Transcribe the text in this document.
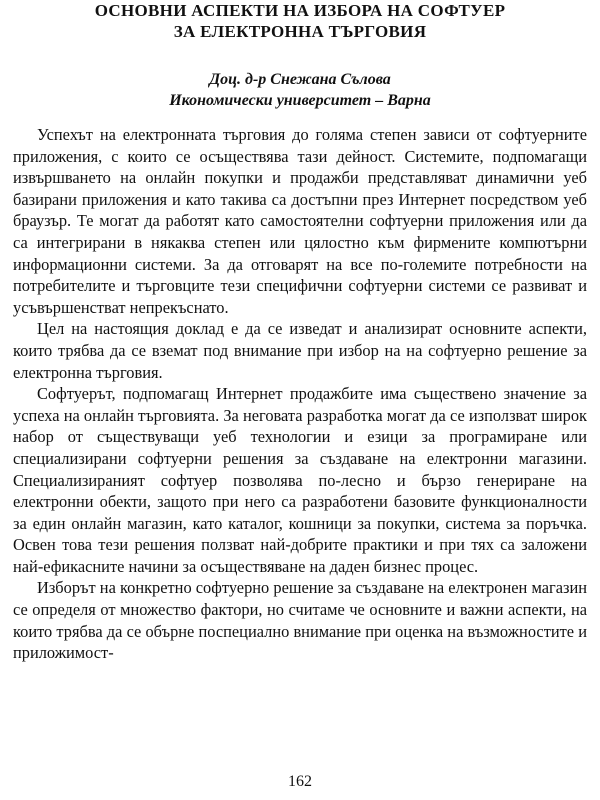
ОСНОВНИ АСПЕКТИ НА ИЗБОРА НА СОФТУЕР
ЗА ЕЛЕКТРОННА ТЪРГОВИЯ
Доц. д-р Снежана Сълова
Икономически университет – Варна

Успехът на електронната търговия до голяма степен зависи от софтуерните приложения, с които се осъществява тази дейност. Системите, подпомагащи извършването на онлайн покупки и продажби представляват динамични уеб базирани приложения и като такива са достъпни през Интернет посредством уеб браузър. Те могат да работят като самостоятелни софтуерни приложения или да са интегрирани в някаква степен или цялостно към фирмените компютърни информационни системи. За да отговарят на все по-големите потребности на потребителите и търговците тези специфични софтуерни системи се развиват и усъвършенстват непрекъснато.

Цел на настоящия доклад е да се изведат и анализират основните аспекти, които трябва да се вземат под внимание при избор на на софтуерно решение за електронна търговия.

Софтуерът, подпомагащ Интернет продажбите има съществено значение за успеха на онлайн търговията. За неговата разработка могат да се използват широк набор от съществуващи уеб технологии и езици за програмиране или специализирани софтуерни решения за създаване на електронни магазини. Специализираният софтуер позволява по-лесно и бързо генериране на електронни обекти, защото при него са разработени базовите функционалности за един онлайн магазин, като каталог, кошници за покупки, система за поръчка. Освен това тези решения ползват най-добрите практики и при тях са заложени най-ефикасните начини за осъществяване на даден бизнес процес.

Изборът на конкретно софтуерно решение за създаване на електронен магазин се определя от множество фактори, но считаме че основните и важни аспекти, на които трябва да се обърне поспециално внимание при оценка на възможностите и приложимост-

162
